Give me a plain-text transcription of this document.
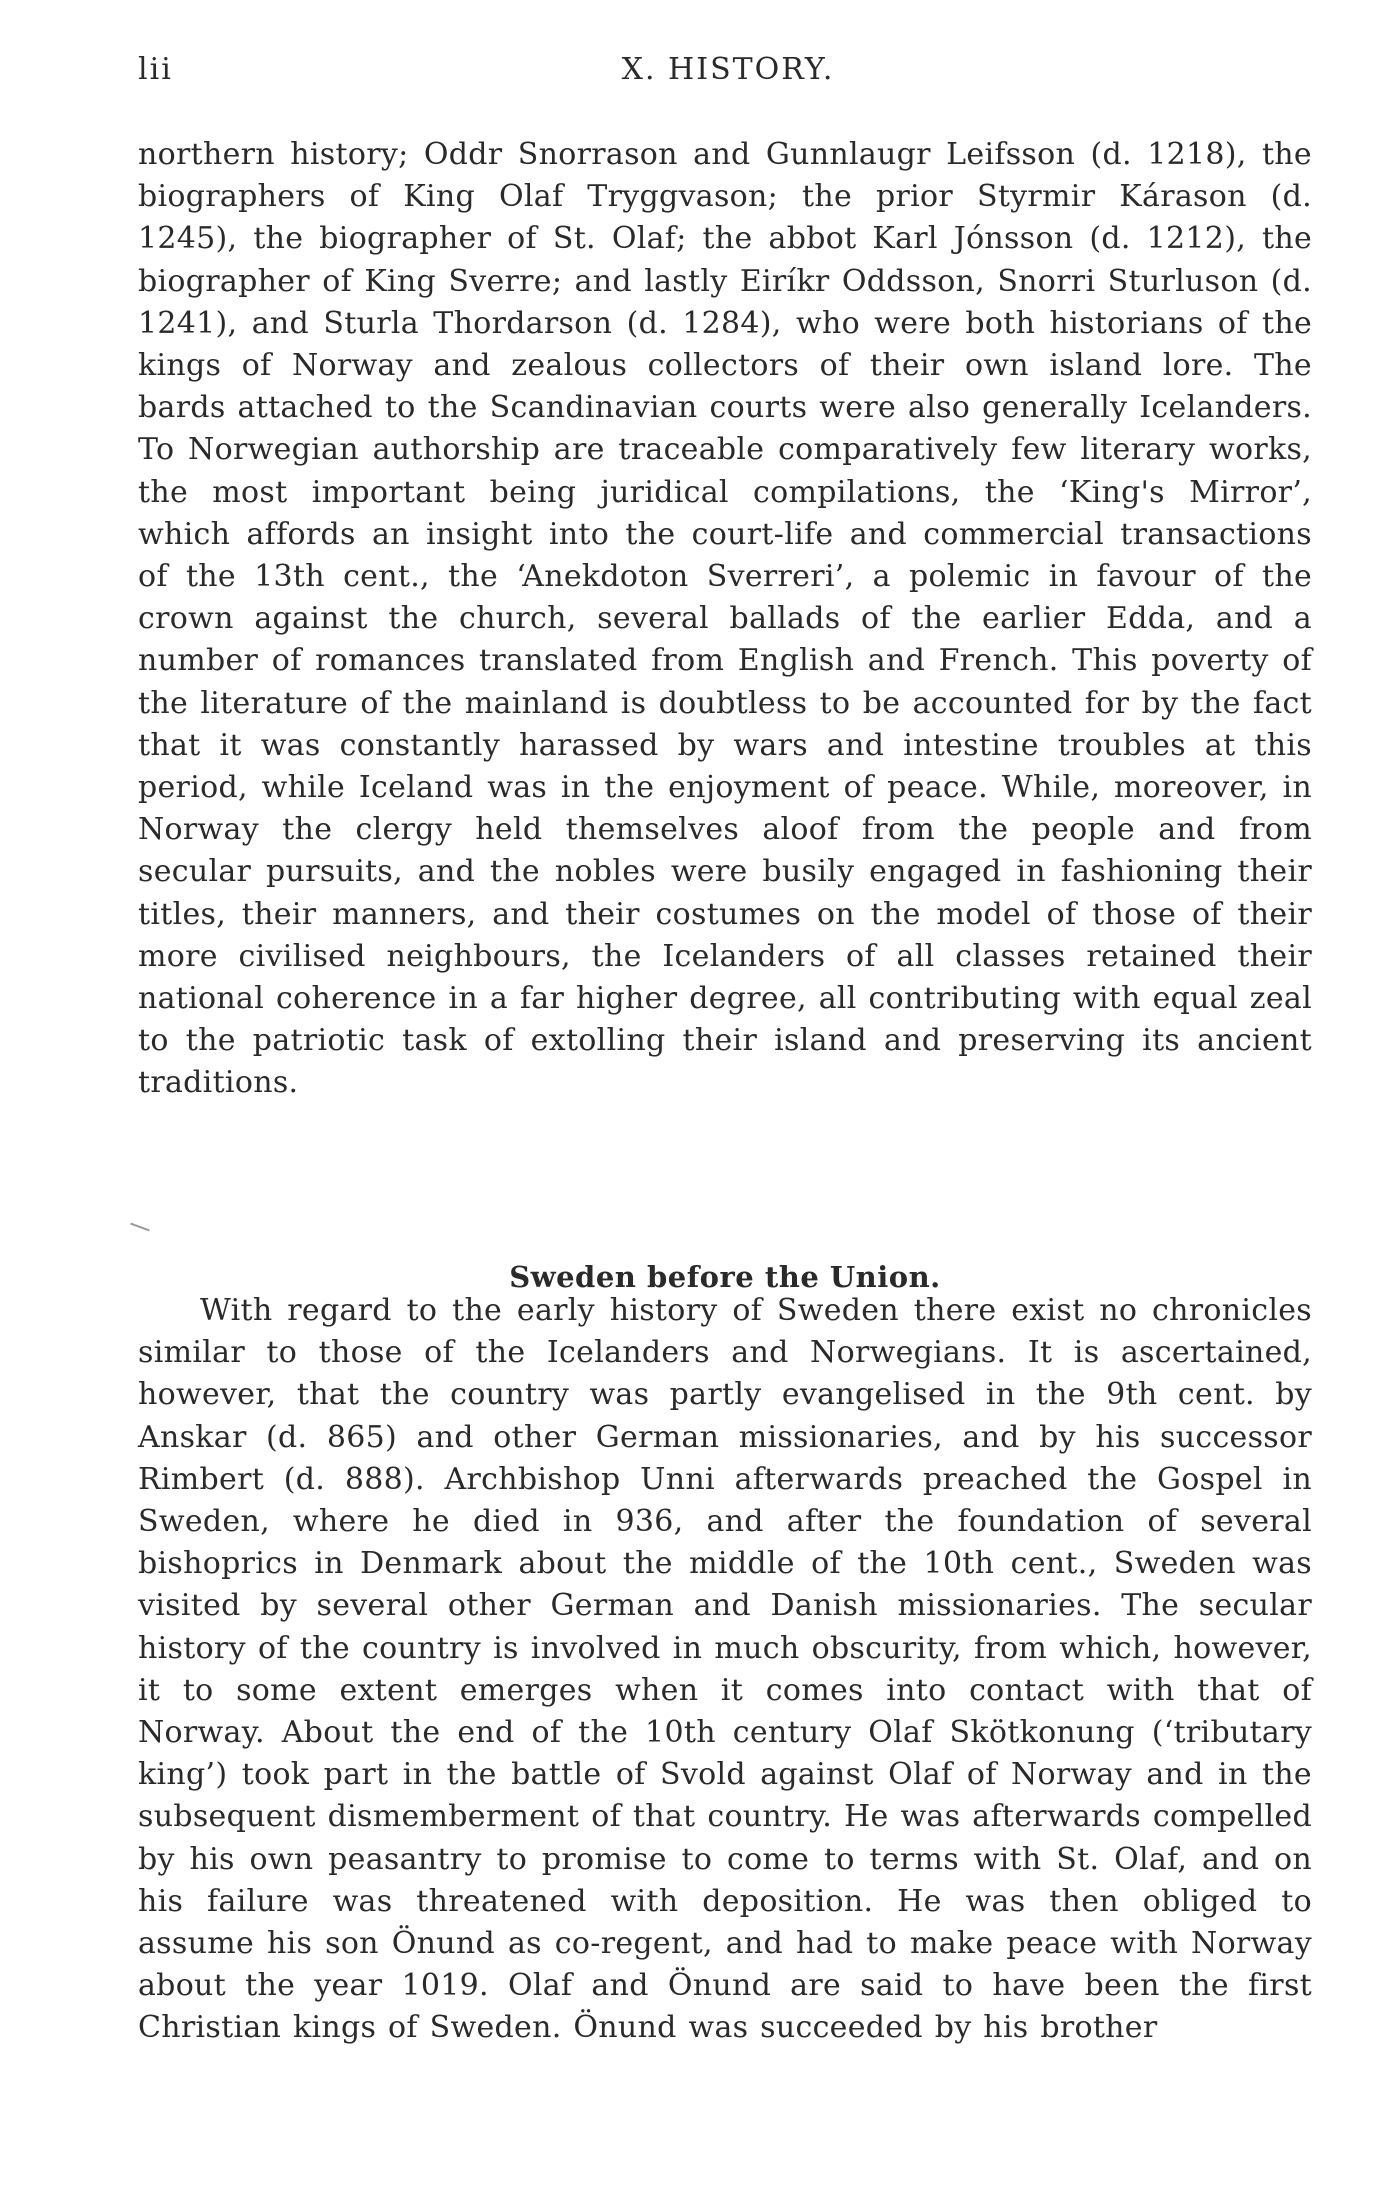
lii	X. HISTORY.

northern history; Oddr Snorrason and Gunnlaugr Leifsson (d. 1218), the biographers of King Olaf Tryggvason; the prior Styrmir Kárason (d. 1245), the biographer of St. Olaf; the abbot Karl Jónsson (d. 1212), the biographer of King Sverre; and lastly Eiríkr Oddsson, Snorri Sturluson (d. 1241), and Sturla Thordarson (d. 1284), who were both historians of the kings of Norway and zealous collectors of their own island lore. The bards attached to the Scandinavian courts were also generally Icelanders. To Norwegian authorship are traceable comparatively few literary works, the most important being juridical compilations, the ‘King's Mirror’, which affords an insight into the court-life and commercial transactions of the 13th cent., the ‘Anekdoton Sverreri’, a polemic in favour of the crown against the church, several ballads of the earlier Edda, and a number of romances translated from English and French. This poverty of the literature of the mainland is doubtless to be accounted for by the fact that it was constantly harassed by wars and intestine troubles at this period, while Iceland was in the enjoyment of peace. While, moreover, in Norway the clergy held themselves aloof from the people and from secular pursuits, and the nobles were busily engaged in fashioning their titles, their manners, and their costumes on the model of those of their more civilised neighbours, the Icelanders of all classes retained their national coherence in a far higher degree, all contributing with equal zeal to the patriotic task of extolling their island and preserving its ancient traditions.

Sweden before the Union.

With regard to the early history of Sweden there exist no chronicles similar to those of the Icelanders and Norwegians. It is ascertained, however, that the country was partly evangelised in the 9th cent. by Anskar (d. 865) and other German missionaries, and by his successor Rimbert (d. 888). Archbishop Unni afterwards preached the Gospel in Sweden, where he died in 936, and after the foundation of several bishoprics in Denmark about the middle of the 10th cent., Sweden was visited by several other German and Danish missionaries. The secular history of the country is involved in much obscurity, from which, however, it to some extent emerges when it comes into contact with that of Norway. About the end of the 10th century Olaf Skötkonung (‘tributary king’) took part in the battle of Svold against Olaf of Norway and in the subsequent dismemberment of that country. He was afterwards compelled by his own peasantry to promise to come to terms with St. Olaf, and on his failure was threatened with deposition. He was then obliged to assume his son Önund as co-regent, and had to make peace with Norway about the year 1019. Olaf and Önund are said to have been the first Christian kings of Sweden. Önund was succeeded by his brother
